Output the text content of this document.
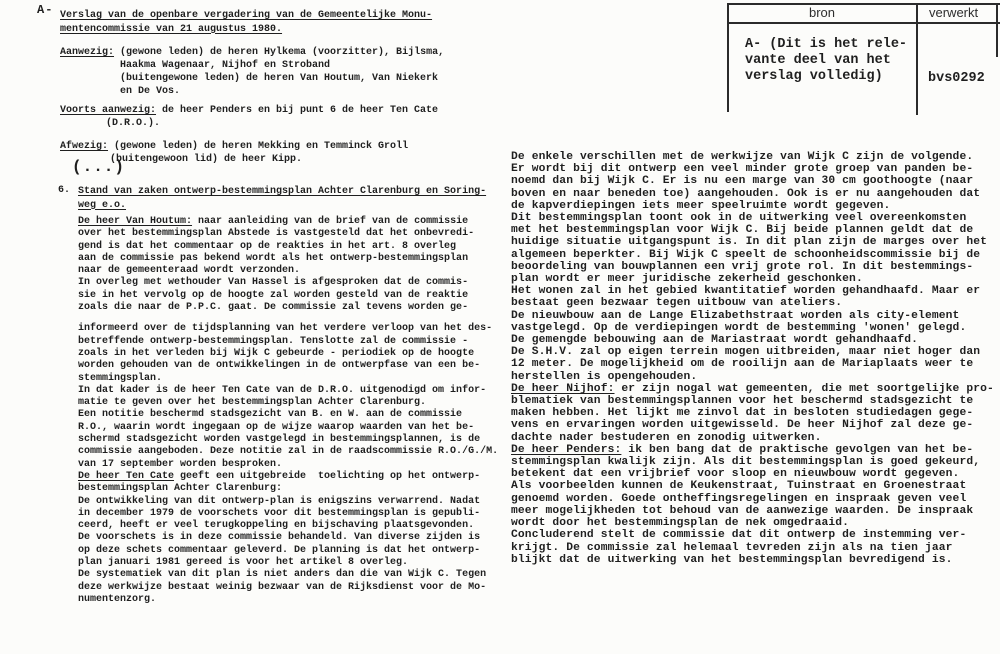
A-	bron	verwerkt
A- (Dit is het rele-
vante deel van het
verslag volledig)	bvs0292
Verslag van de openbare vergadering van de Gemeentelijke Monu-
mentencommissie van 21 augustus 1980.
Aanwezig: (gewone leden) de heren Hylkema (voorzitter), Bijlsma,
Haakma Wagenaar, Nijhof en Stroband
(buitengewone leden) de heren Van Houtum, Van Niekerk
en De Vos.
Voorts aanwezig: de heer Penders en bij punt 6 de heer Ten Cate
(D.R.O.).
Afwezig: (gewone leden) de heren Mekking en Temminck Groll
(buitengewoon lid) de heer Kipp.
(...)
6. Stand van zaken ontwerp-bestemmingsplan Achter Clarenburg en Soring-
weg e.o.
De heer Van Houtum: naar aanleiding van de brief van de commissie
over het bestemmingsplan Abstede is vastgesteld dat het onbevredi-
gend is dat het commentaar op de reakties in het art. 8 overleg
aan de commissie pas bekend wordt als het ontwerp-bestemmingsplan
naar de gemeenteraad wordt verzonden.
In overleg met wethouder Van Hassel is afgesproken dat de commis-
sie in het vervolg op de hoogte zal worden gesteld van de reaktie
zoals die naar de P.P.C. gaat. De commissie zal tevens worden ge-
informeerd over de tijdsplanning van het verdere verloop van het des-
betreffende ontwerp-bestemmingsplan. Tenslotte zal de commissie -
zoals in het verleden bij Wijk C gebeurde - periodiek op de hoogte
worden gehouden van de ontwikkelingen in de ontwerpfase van een be-
stemmingsplan.
In dat kader is de heer Ten Cate van de D.R.O. uitgenodigd om infor-
matie te geven over het bestemmingsplan Achter Clarenburg.
Een notitie beschermd stadsgezicht van B. en W. aan de commissie
R.O., waarin wordt ingegaan op de wijze waarop waarden van het be-
schermd stadsgezicht worden vastgelegd in bestemmingsplannen, is de
commissie aangeboden. Deze notitie zal in de raadscommissie R.O./G./M.
van 17 september worden besproken.
De heer Ten Cate geeft een uitgebreide  toelichting op het ontwerp-
bestemmingsplan Achter Clarenburg:
De ontwikkeling van dit ontwerp-plan is enigszins verwarrend. Nadat
in december 1979 de voorschets voor dit bestemmingsplan is gepubli-
ceerd, heeft er veel terugkoppeling en bijschaving plaatsgevonden.
De voorschets is in deze commissie behandeld. Van diverse zijden is
op deze schets commentaar geleverd. De planning is dat het ontwerp-
plan januari 1981 gereed is voor het artikel 8 overleg.
De systematiek van dit plan is niet anders dan die van Wijk C. Tegen
deze werkwijze bestaat weinig bezwaar van de Rijksdienst voor de Mo-
numentenzorg.
De enkele verschillen met de werkwijze van Wijk C zijn de volgende.
Er wordt bij dit ontwerp een veel minder grote groep van panden be-
noemd dan bij Wijk C. Er is nu een marge van 30 cm goothoogte (naar
boven en naar beneden toe) aangehouden. Ook is er nu aangehouden dat
de kapverdiepingen iets meer speelruimte wordt gegeven.
Dit bestemmingsplan toont ook in de uitwerking veel overeenkomsten
met het bestemmingsplan voor Wijk C. Bij beide plannen geldt dat de
huidige situatie uitgangspunt is. In dit plan zijn de marges over het
algemeen beperkter. Bij Wijk C speelt de schoonheidscommissie bij de
beoordeling van bouwplannen een vrij grote rol. In dit bestemmings-
plan wordt er meer juridische zekerheid geschonken.
Het wonen zal in het gebied kwantitatief worden gehandhaafd. Maar er
bestaat geen bezwaar tegen uitbouw van ateliers.
De nieuwbouw aan de Lange Elizabethstraat worden als city-element
vastgelegd. Op de verdiepingen wordt de bestemming 'wonen' gelegd.
De gemengde bebouwing aan de Mariastraat wordt gehandhaafd.
De S.H.V. zal op eigen terrein mogen uitbreiden, maar niet hoger dan
12 meter. De mogelijkheid om de rooilijn aan de Mariaplaats weer te
herstellen is opengehouden.
De heer Nijhof: er zijn nogal wat gemeenten, die met soortgelijke pro-
blematiek van bestemmingsplannen voor het beschermd stadsgezicht te
maken hebben. Het lijkt me zinvol dat in besloten studiedagen gege-
vens en ervaringen worden uitgewisseld. De heer Nijhof zal deze ge-
dachte nader bestuderen en zonodig uitwerken.
De heer Penders: ik ben bang dat de praktische gevolgen van het be-
stemmingsplan kwalijk zijn. Als dit bestemmingsplan is goed gekeurd,
betekent dat een vrijbrief voor sloop en nieuwbouw wordt gegeven.
Als voorbeelden kunnen de Keukenstraat, Tuinstraat en Groenestraat
genoemd worden. Goede ontheffingsregelingen en inspraak geven veel
meer mogelijkheden tot behoud van de aanwezige waarden. De inspraak
wordt door het bestemmingsplan de nek omgedraaid.
Concluderend stelt de commissie dat dit ontwerp de instemming ver-
krijgt. De commissie zal helemaal tevreden zijn als na tien jaar
blijkt dat de uitwerking van het bestemmingsplan bevredigend is.
